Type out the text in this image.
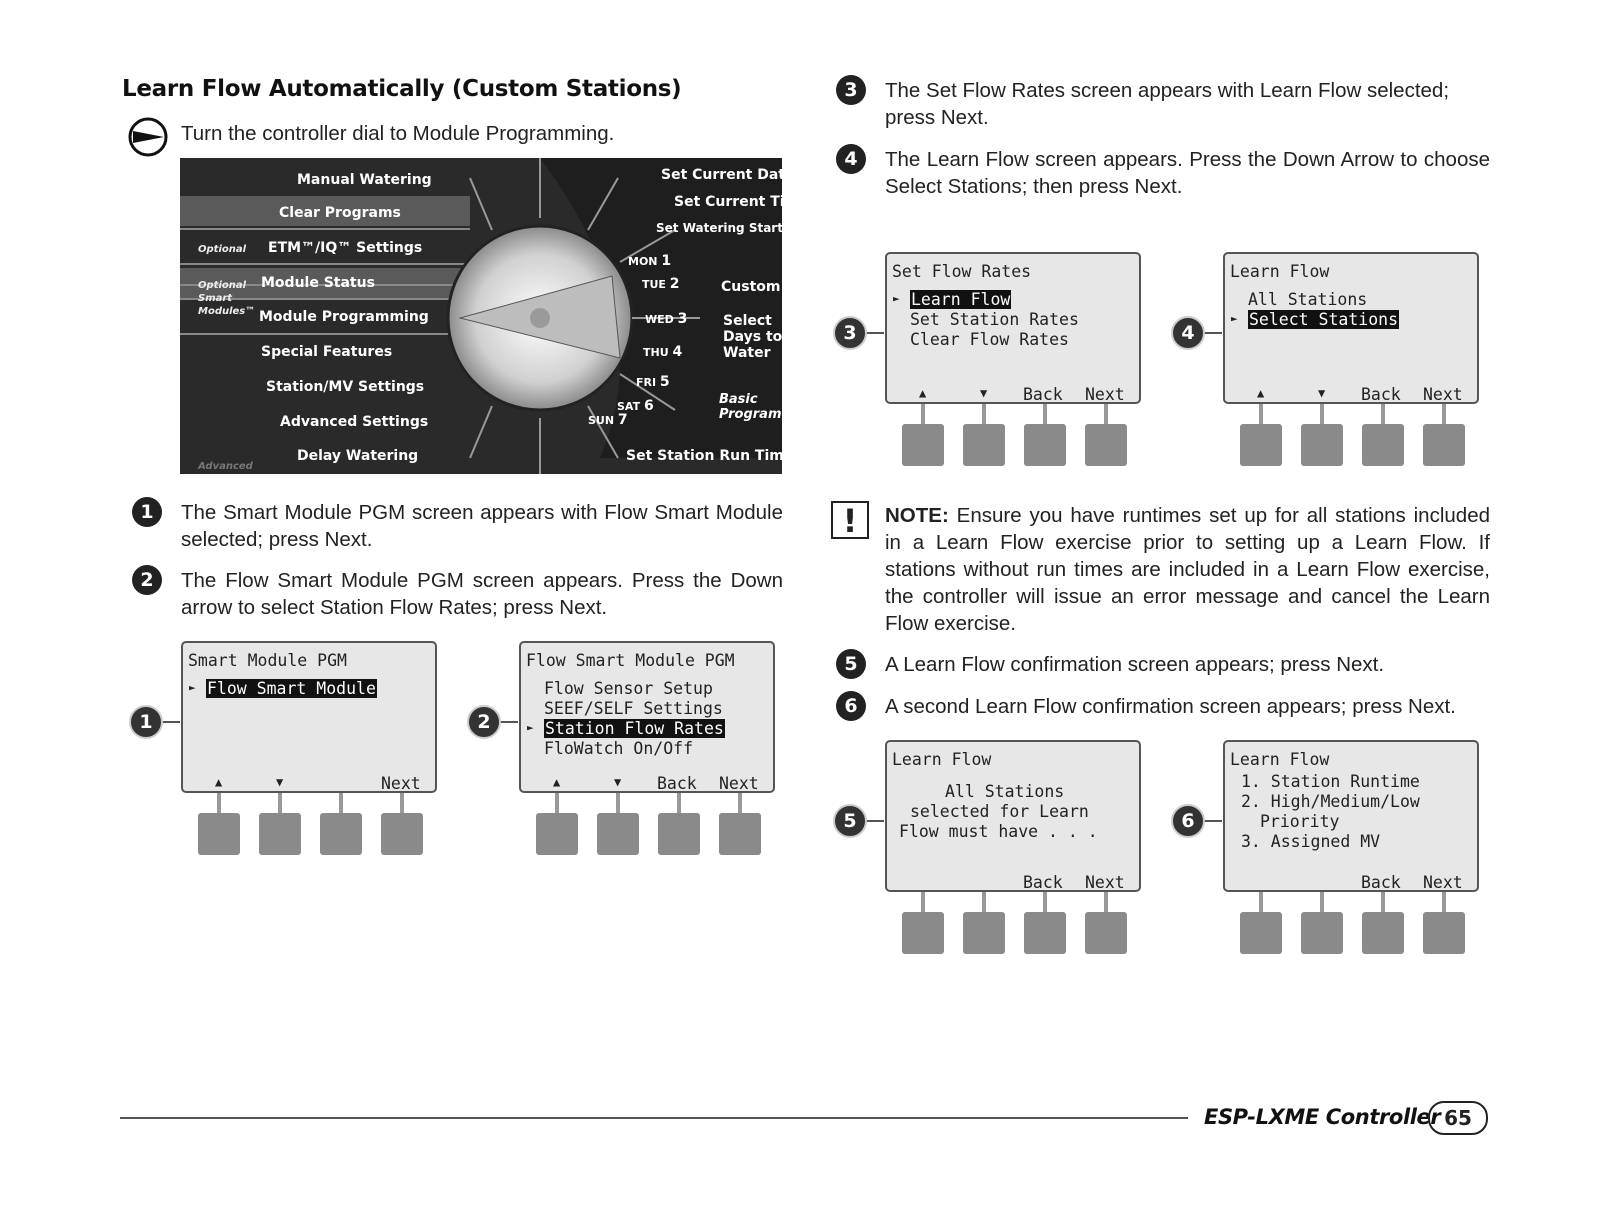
Learn Flow Automatically (Custom Stations)
Turn the controller dial to Module Programming.
Manual Watering
Clear Programs
Optional ETM™/IQ™ Settings
Optional Smart Modules™
Module Status
Module Programming
Special Features
Station/MV Settings
Advanced Settings
Advanced
Delay Watering
Set Current Date
Set Current Time
Set Watering Start Times
Custom
Select Days to Water
Basic Programming
Set Station Run Times
MON 1
TUE 2
WED 3
THU 4
FRI 5
SAT 6
SUN 7
1	The Smart Module PGM screen appears with Flow Smart Module selected; press Next.
2	The Flow Smart Module PGM screen appears. Press the Down arrow to select Station Flow Rates; press Next.
Smart Module PGM
► Flow Smart Module
▲	▼	Next
1
Flow Smart Module PGM
Flow Sensor Setup
SEEF/SELF Settings
► Station Flow Rates
FloWatch On/Off
▲	▼ Back Next
2
3	The Set Flow Rates screen appears with Learn Flow selected; press Next.
4	The Learn Flow screen appears. Press the Down Arrow to choose Select Stations; then press Next.
Set Flow Rates
► Learn Flow
Set Station Rates
Clear Flow Rates
▲	▼ Back Next
3
Learn Flow
All Stations
► Select Stations
▲	▼ Back Next
4
!	NOTE: Ensure you have runtimes set up for all stations included in a Learn Flow exercise prior to setting up a Learn Flow. If stations without run times are included in a Learn Flow exercise, the controller will issue an error message and cancel the Learn Flow exercise.
5	A Learn Flow confirmation screen appears; press Next.
6	A second Learn Flow confirmation screen appears; press Next.
Learn Flow
All Stations
selected for Learn
Flow must have . . .
Back Next
5
Learn Flow
1. Station Runtime
2. High/Medium/Low
Priority
3. Assigned MV
Back Next
6
ESP-LXME Controller 65
